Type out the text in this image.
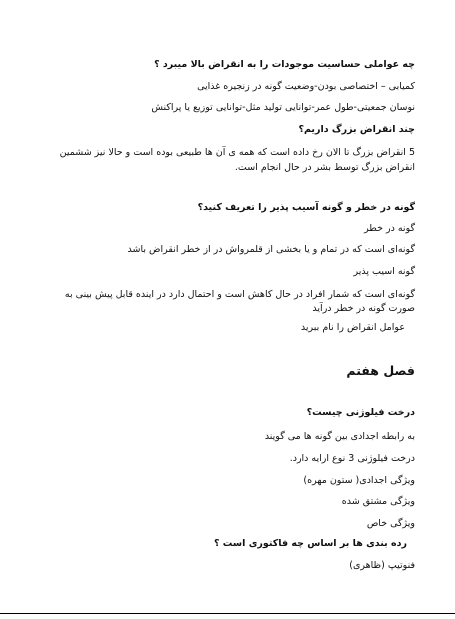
چه عواملی حساسیت موجودات را به انقراض بالا میبرد ؟
کمیابی – اختصاصی بودن-وضعیت گونه در زنجیره غذایی
نوسان جمعیتی-طول عمر-توانایی تولید مثل-توانایی توزیع یا پراکنش
چند انقراض بزرگ داریم؟
5 انقراض بزرگ تا الان رخ داده است که همه ی آن ها طبیعی بوده است و حالا نیز ششمین انقراض بزرگ توسط بشر در حال انجام است.
گونه در خطر و گونه آسیب پذیر را تعریف کنید؟
گونه در خطر
گونه‌ای است که در تمام و یا بخشی از قلمرواش در از خطر انقراض باشد
گونه اسیب پذیر
گونه‌ای است که شمار افراد در حال کاهش است و احتمال دارد در اینده قابل پیش بینی به صورت گونه در خطر درآید
عوامل انقراض را نام ببرید
فصل هفتم
درخت فیلوژنی چیست؟
به رابطه اجدادی بین گونه ها می گویند
درخت فیلوژنی 3 نوع ارایه دارد.
ویژگی اجدادی( ستون مهره)
ویژگی مشتق شده
ویژگی خاص
رده بندی ها بر اساس چه فاکتوری است ؟
فنوتیپ (ظاهری)
